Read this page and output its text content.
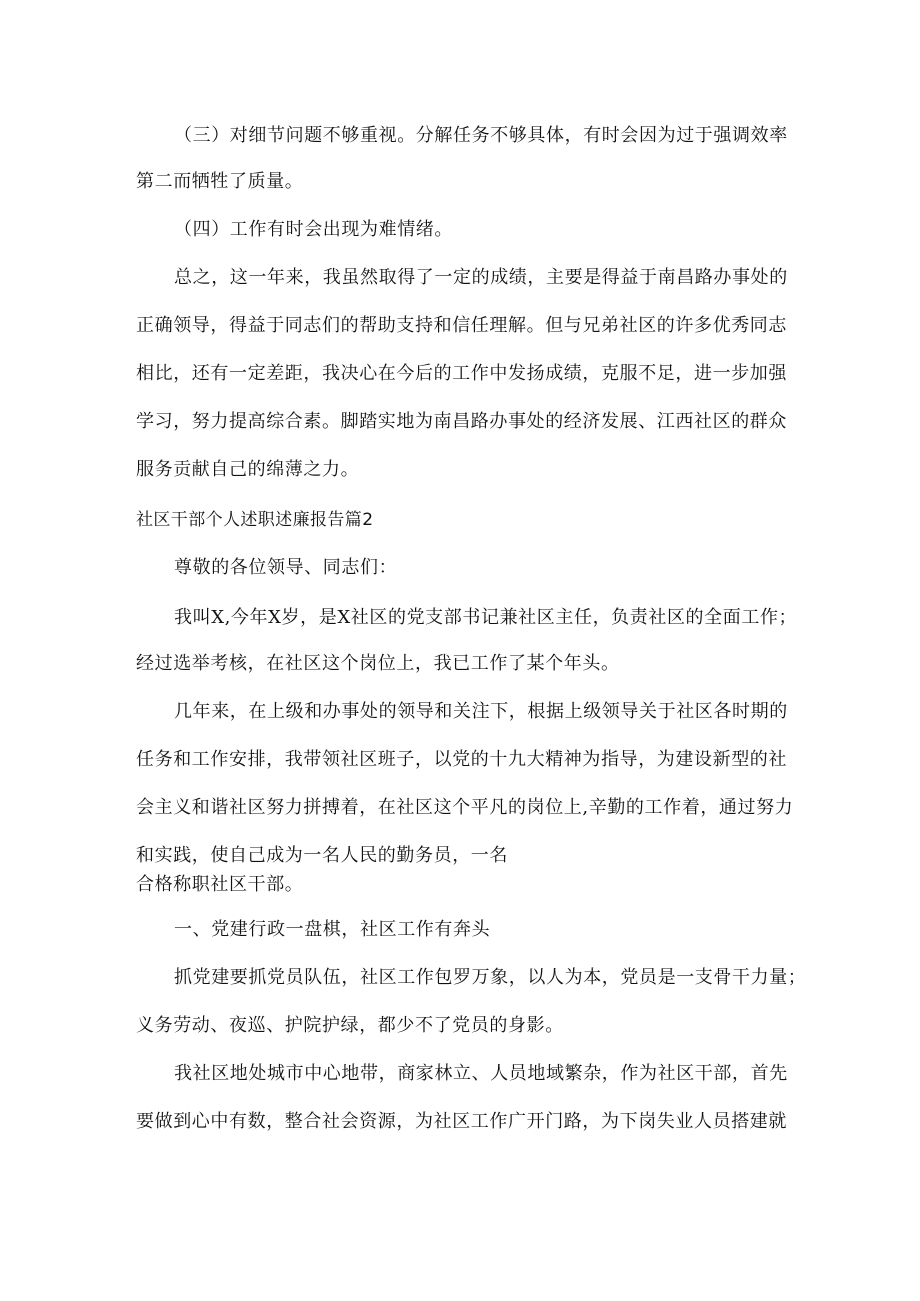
（三）对细节问题不够重视。分解任务不够具体，有时会因为过于强调效率
第二而牺牲了质量。
（四）工作有时会出现为难情绪。
总之，这一年来，我虽然取得了一定的成绩，主要是得益于南昌路办事处的
正确领导，得益于同志们的帮助支持和信任理解。但与兄弟社区的许多优秀同志
相比，还有一定差距，我决心在今后的工作中发扬成绩，克服不足，进一步加强
学习，努力提高综合素。脚踏实地为南昌路办事处的经济发展、江西社区的群众
服务贡献自己的绵薄之力。
社区干部个人述职述廉报告篇2
尊敬的各位领导、同志们：
我叫X,今年X岁，是X社区的党支部书记兼社区主任，负责社区的全面工作；
经过选举考核，在社区这个岗位上，我已工作了某个年头。
几年来，在上级和办事处的领导和关注下，根据上级领导关于社区各时期的
任务和工作安排，我带领社区班子，以党的十九大精神为指导，为建设新型的社
会主义和谐社区努力拼搏着，在社区这个平凡的岗位上,辛勤的工作着，通过努力
和实践，使自己成为一名人民的勤务员，一名
合格称职社区干部。
一、党建行政一盘棋，社区工作有奔头
抓党建要抓党员队伍，社区工作包罗万象，以人为本，党员是一支骨干力量；
义务劳动、夜巡、护院护绿，都少不了党员的身影。
我社区地处城市中心地带，商家林立、人员地域繁杂，作为社区干部，首先
要做到心中有数，整合社会资源，为社区工作广开门路，为下岗失业人员搭建就
